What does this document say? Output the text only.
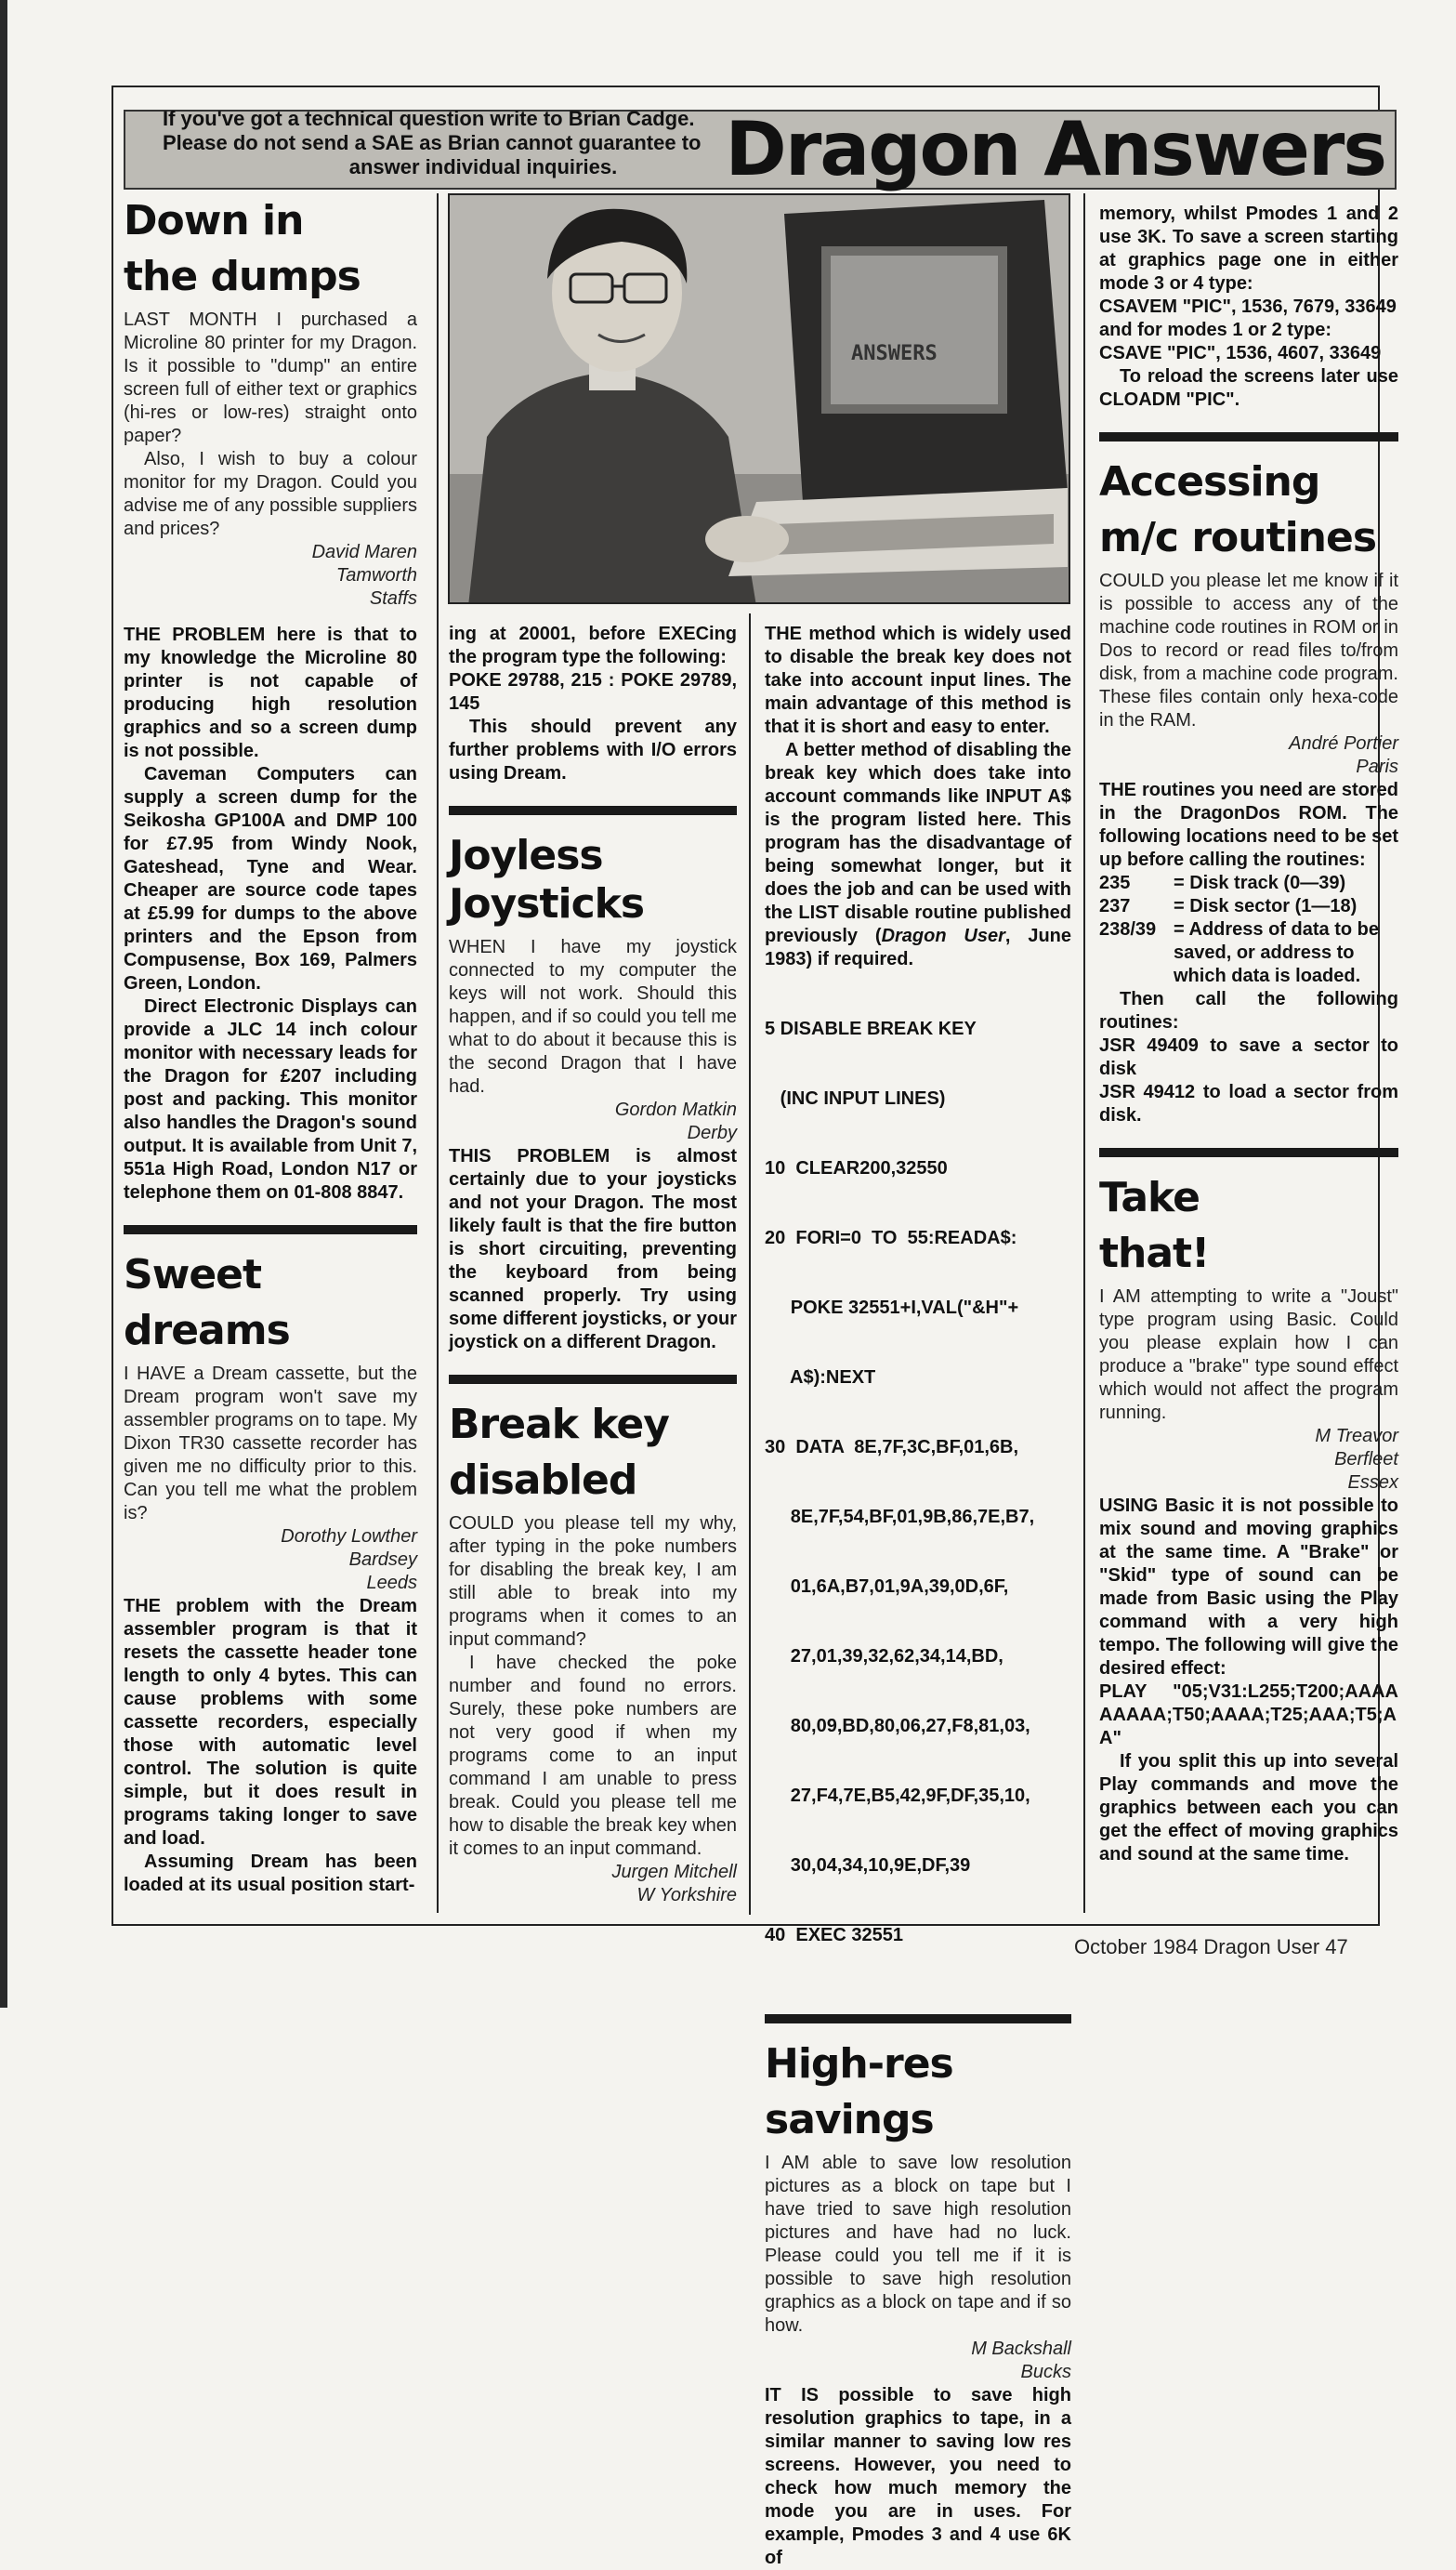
If you've got a technical question write to Brian Cadge.
Please do not send a SAE as Brian cannot guarantee to
answer individual inquiries.	Dragon Answers
Down in
the dumps

LAST MONTH I purchased a Microline 80 printer for my Dragon. Is it possible to "dump" an entire screen full of either text or graphics (hi-res or low-res) straight onto paper?

Also, I wish to buy a colour monitor for my Dragon. Could you advise me of any possible suppliers and prices?

David Maren

Tamworth

Staffs

THE PROBLEM here is that to my knowledge the Microline 80 printer is not capable of producing high resolution graphics and so a screen dump is not possible.

Caveman Computers can supply a screen dump for the Seikosha GP100A and DMP 100 for £7.95 from Windy Nook, Gateshead, Tyne and Wear. Cheaper are source code tapes at £5.99 for dumps to the above printers and the Epson from Compusense, Box 169, Palmers Green, London.

Direct Electronic Displays can provide a JLC 14 inch colour monitor with necessary leads for the Dragon for £207 including post and packing. This monitor also handles the Dragon's sound output. It is available from Unit 7, 551a High Road, London N17 or telephone them on 01-808 8847.

Sweet
dreams

I HAVE a Dream cassette, but the Dream program won't save my assembler programs on to tape. My Dixon TR30 cassette recorder has given me no difficulty prior to this. Can you tell me what the problem is?

Dorothy Lowther

Bardsey

Leeds

THE problem with the Dream assembler program is that it resets the cassette header tone length to only 4 bytes. This can cause problems with some cassette recorders, especially those with automatic level control. The solution is quite simple, but it does result in programs taking longer to save and load.

Assuming Dream has been loaded at its usual position start-

ANSWERS

ing at 20001, before EXECing the program type the following:

POKE 29788, 215 : POKE 29789, 145

This should prevent any further problems with I/O errors using Dream.

Joyless
Joysticks

WHEN I have my joystick connected to my computer the keys will not work. Should this happen, and if so could you tell me what to do about it because this is the second Dragon that I have had.

Gordon Matkin

Derby

THIS PROBLEM is almost certainly due to your joysticks and not your Dragon. The most likely fault is that the fire button is short circuiting, preventing the keyboard from being scanned properly. Try using some different joysticks, or your joystick on a different Dragon.

Break key
disabled

COULD you please tell my why, after typing in the poke numbers for disabling the break key, I am still able to break into my programs when it comes to an input command?

I have checked the poke number and found no errors. Surely, these poke numbers are not very good if when my programs come to an input command I am unable to press break. Could you please tell me how to disable the break key when it comes to an input command.

Jurgen Mitchell

W Yorkshire

THE method which is widely used to disable the break key does not take into account input lines. The main advantage of this method is that it is short and easy to enter.

A better method of disabling the break key which does take into account commands like INPUT A$ is the program listed here. This program has the disadvantage of being somewhat longer, but it does the job and can be used with the LIST disable routine published previously (Dragon User, June 1983) if required.

5 DISABLE BREAK KEY

(INC INPUT LINES)

10  CLEAR200,32550

20  FORI=0  TO  55:READA$:

POKE 32551+I,VAL("&H"+

A$):NEXT

30  DATA  8E,7F,3C,BF,01,6B,

8E,7F,54,BF,01,9B,86,7E,B7,

01,6A,B7,01,9A,39,0D,6F,

27,01,39,32,62,34,14,BD,

80,09,BD,80,06,27,F8,81,03,

27,F4,7E,B5,42,9F,DF,35,10,

30,04,34,10,9E,DF,39

40  EXEC 32551

High-res
savings

I AM able to save low resolution pictures as a block on tape but I have tried to save high resolution pictures and have had no luck. Please could you tell me if it is possible to save high resolution graphics as a block on tape and if so how.

M Backshall

Bucks

IT IS possible to save high resolution graphics to tape, in a similar manner to saving low res screens. However, you need to check how much memory the mode you are in uses. For example, Pmodes 3 and 4 use 6K of

memory, whilst Pmodes 1 and 2 use 3K. To save a screen starting at graphics page one in either mode 3 or 4 type:

CSAVEM "PIC", 1536, 7679, 33649

and for modes 1 or 2 type:

CSAVE "PIC", 1536, 4607, 33649

To reload the screens later use CLOADM "PIC".

Accessing
m/c routines

COULD you please let me know if it is possible to access any of the machine code routines in ROM or in Dos to record or read files to/from disk, from a machine code program. These files contain only hexa-code in the RAM.

André Portier

Paris

THE routines you need are stored in the DragonDos ROM. The following locations need to be set up before calling the routines:

235	= Disk track (0—39)
237	= Disk sector (1—18)
238/39 = Address of data to be saved, or address to which data is loaded.

Then call the following routines:

JSR 49409 to save a sector to disk

JSR 49412 to load a sector from disk.

Take
that!

I AM attempting to write a "Joust" type program using Basic. Could you please explain how I can produce a "brake" type sound effect which would not affect the program running.

M Treavor

Berfleet

Essex

USING Basic it is not possible to mix sound and moving graphics at the same time. A "Brake" or "Skid" type of sound can be made from Basic using the Play command with a very high tempo. The following will give the desired effect:

PLAY "05;V31:L255;T200;AAAA AAAAA;T50;AAAA;T25;AAA;T5;A A"

If you split this up into several Play commands and move the graphics between each you can get the effect of moving graphics and sound at the same time.

October 1984 Dragon User 47
